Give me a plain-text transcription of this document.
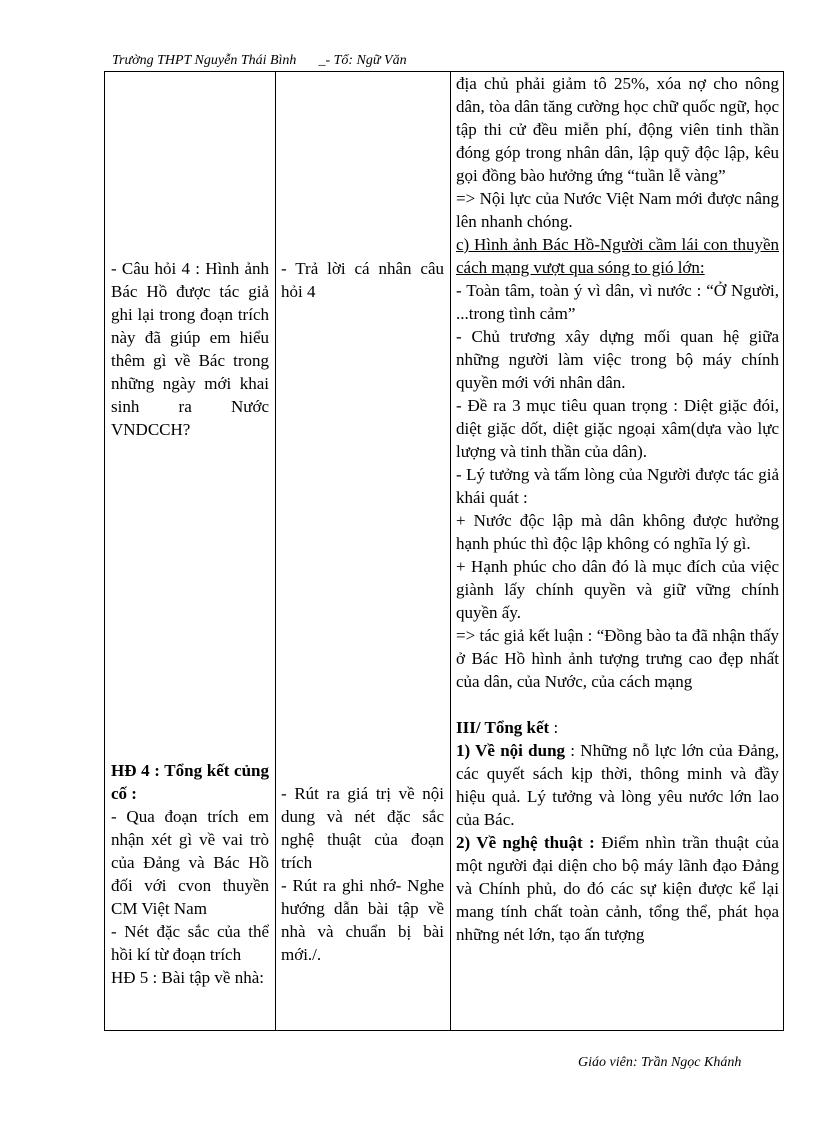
Trường THPT Nguyễn Thái Bình _- Tổ: Ngữ Văn

- Câu hỏi 4 : Hình ảnh Bác Hồ được tác giả ghi lại trong đoạn trích này đã giúp em hiểu thêm gì về Bác trong những ngày mới khai sinh ra Nước VNDCCH?

HĐ 4 : Tổng kết củng cố :

- Qua đoạn trích em nhận xét gì về vai trò của Đảng và Bác Hồ đối với cvon thuyền CM Việt Nam

- Nét đặc sắc của thể hồi kí từ đoạn trích

HĐ 5 : Bài tập về nhà:

- Trả lời cá nhân câu hỏi 4

- Rút ra giá trị về nội dung và nét đặc sắc nghệ thuật của đoạn trích

- Rút ra ghi nhớ- Nghe hướng dẫn bài tập về nhà và chuẩn bị bài mới./.

địa chủ phải giảm tô 25%, xóa nợ cho nông dân, tòa dân tăng cường học chữ quốc ngữ, học tập thi cử đều miễn phí, động viên tinh thần đóng góp trong nhân dân, lập quỹ độc lập, kêu gọi đồng bào hưởng ứng “tuần lễ vàng”

=> Nội lực của Nước Việt Nam mới được nâng lên nhanh chóng.

c) Hình ảnh Bác Hồ-Người cầm lái con thuyền cách mạng vượt qua sóng to gió lớn:

- Toàn tâm, toàn ý vì dân, vì nước : “Ở Người, ...trong tình cảm”

- Chủ trương xây dựng mối quan hệ giữa những người làm việc trong bộ máy chính quyền mới với nhân dân.

- Đề ra 3 mục tiêu quan trọng : Diệt giặc đói, diệt giặc dốt, diệt giặc ngoại xâm(dựa vào lực lượng và tinh thần của dân).

- Lý tưởng và tấm lòng của Người được tác giả khái quát :

+ Nước độc lập mà dân không được hưởng hạnh phúc thì độc lập không có nghĩa lý gì.

+ Hạnh phúc cho dân đó là mục đích của việc giành lấy chính quyền và giữ vững chính quyền ấy.

=> tác giả kết luận : “Đồng bào ta đã nhận thấy ở Bác Hồ hình ảnh tượng trưng cao đẹp nhất của dân, của Nước, của cách mạng

III/ Tổng kết :

1) Về nội dung : Những nỗ lực lớn của Đảng, các quyết sách kịp thời, thông minh và đầy hiệu quả. Lý tưởng và lòng yêu nước lớn lao của Bác.

2) Về nghệ thuật : Điểm nhìn trần thuật của một người đại diện cho bộ máy lãnh đạo Đảng và Chính phủ, do đó các sự kiện được kể lại mang tính chất toàn cảnh, tổng thể, phát họa những nét lớn, tạo ấn tượng

Giáo viên: Trần Ngọc Khánh
